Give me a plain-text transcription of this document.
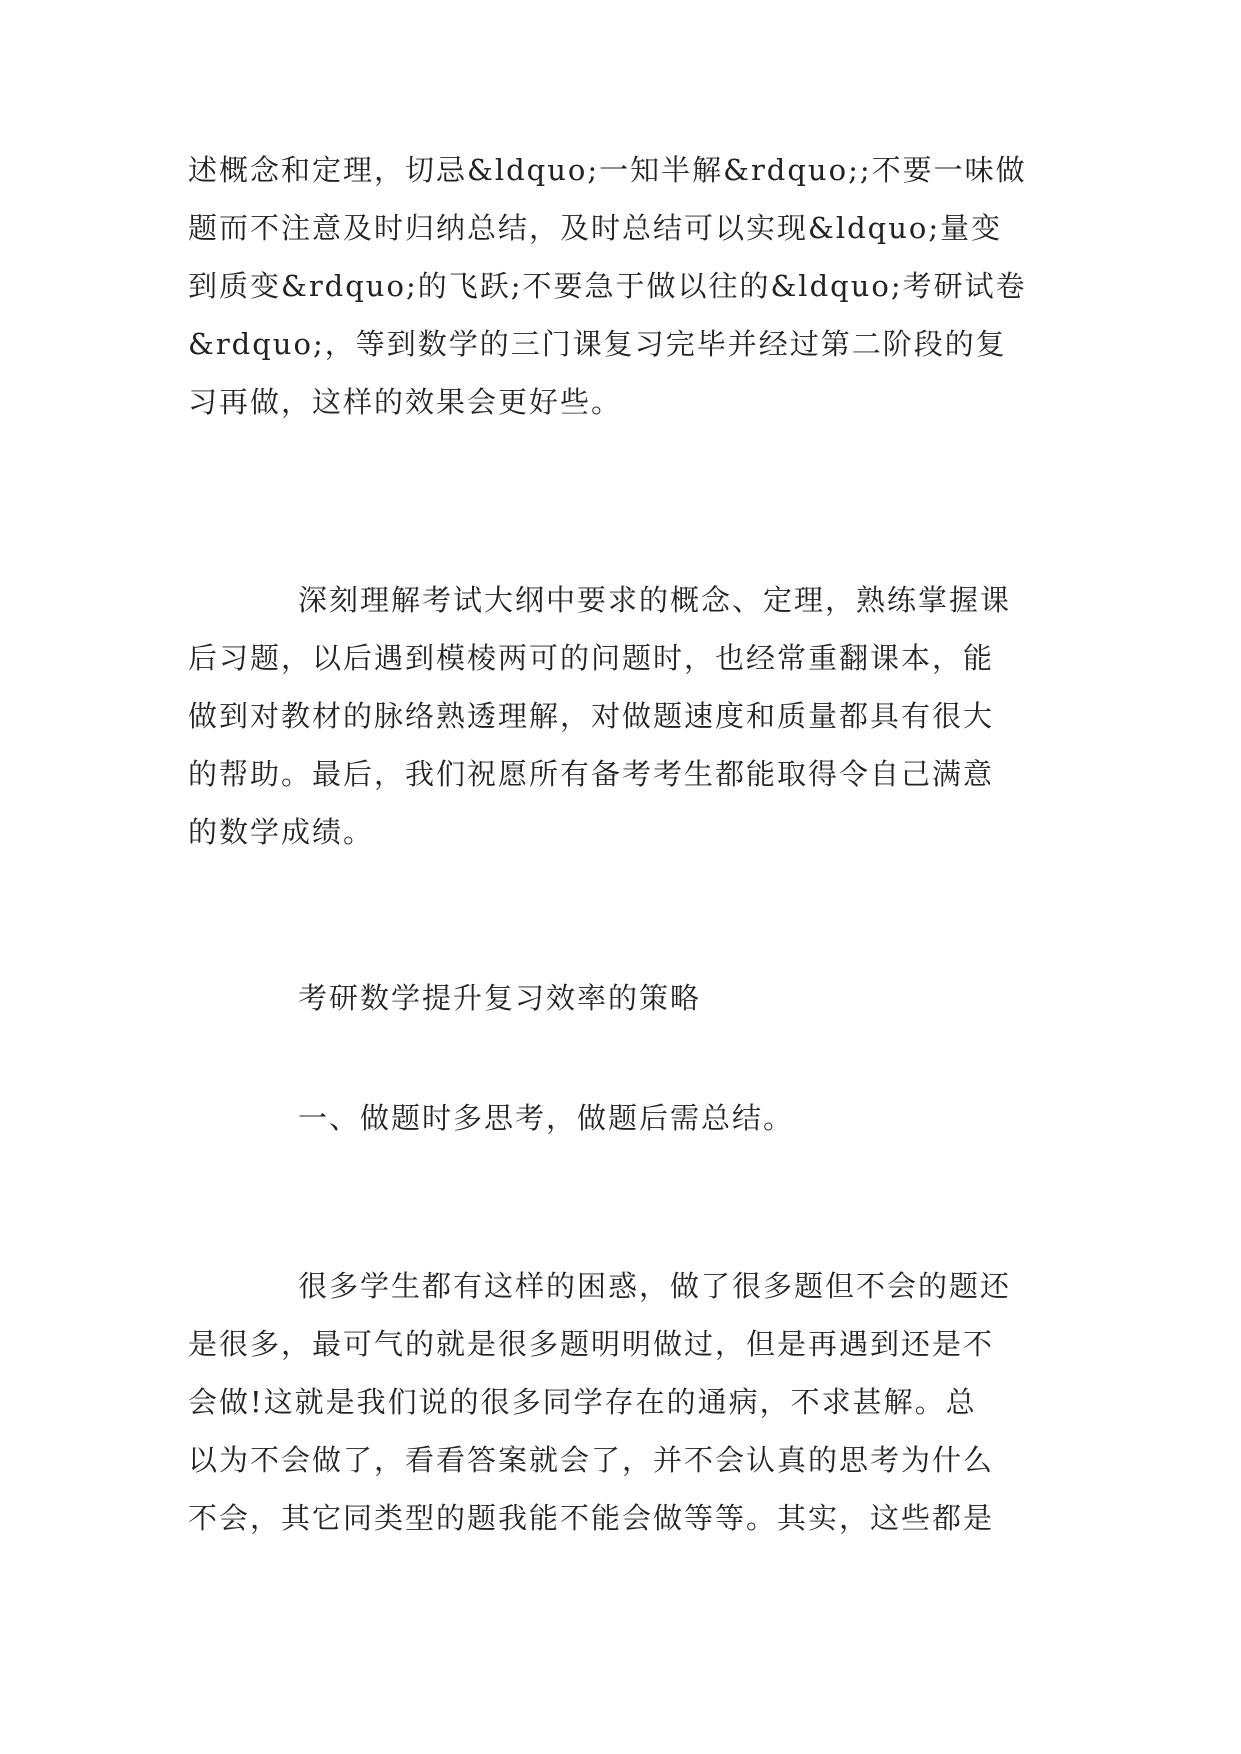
述概念和定理，切忌&ldquo;一知半解&rdquo;;不要一味做
题而不注意及时归纳总结，及时总结可以实现&ldquo;量变
到质变&rdquo;的飞跃;不要急于做以往的&ldquo;考研试卷
&rdquo;，等到数学的三门课复习完毕并经过第二阶段的复
习再做，这样的效果会更好些。
深刻理解考试大纲中要求的概念、定理，熟练掌握课
后习题，以后遇到模棱两可的问题时，也经常重翻课本，能
做到对教材的脉络熟透理解，对做题速度和质量都具有很大
的帮助。最后，我们祝愿所有备考考生都能取得令自己满意
的数学成绩。
考研数学提升复习效率的策略
一、做题时多思考，做题后需总结。
很多学生都有这样的困惑，做了很多题但不会的题还
是很多，最可气的就是很多题明明做过，但是再遇到还是不
会做!这就是我们说的很多同学存在的通病，不求甚解。总
以为不会做了，看看答案就会了，并不会认真的思考为什么
不会，其它同类型的题我能不能会做等等。其实，这些都是
